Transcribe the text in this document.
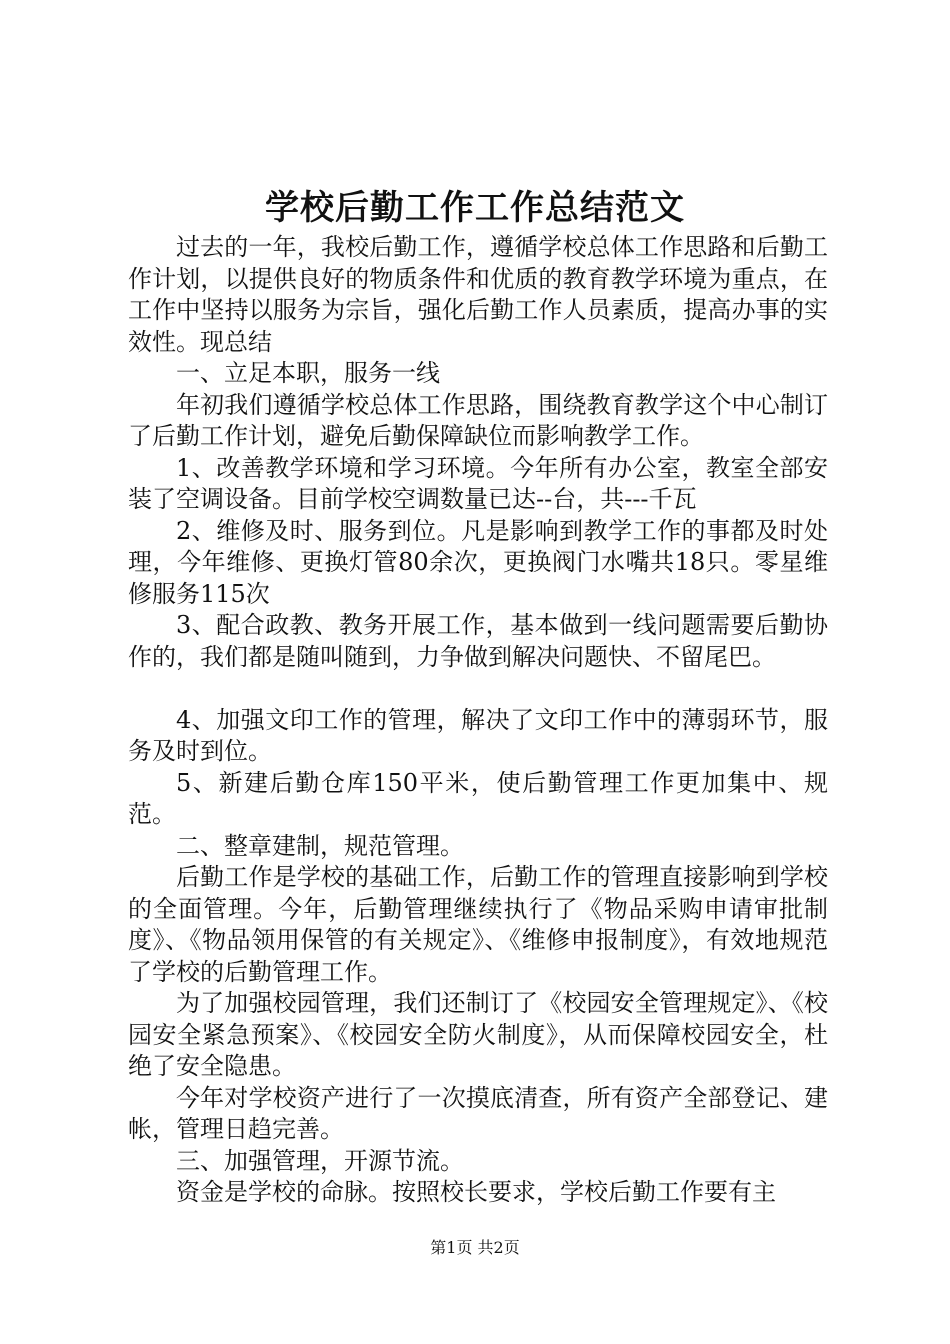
学校后勤工作工作总结范文

过去的一年，我校后勤工作，遵循学校总体工作思路和后勤工作计划，以提供良好的物质条件和优质的教育教学环境为重点，在工作中坚持以服务为宗旨，强化后勤工作人员素质，提高办事的实效性。现总结

一、立足本职，服务一线

年初我们遵循学校总体工作思路，围绕教育教学这个中心制订了后勤工作计划，避免后勤保障缺位而影响教学工作。

1、改善教学环境和学习环境。今年所有办公室，教室全部安装了空调设备。目前学校空调数量已达--台，共---千瓦

2、维修及时、服务到位。凡是影响到教学工作的事都及时处理，今年维修、更换灯管80余次，更换阀门水嘴共18只。零星维修服务115次

3、配合政教、教务开展工作，基本做到一线问题需要后勤协作的，我们都是随叫随到，力争做到解决问题快、不留尾巴。

4、加强文印工作的管理，解决了文印工作中的薄弱环节，服务及时到位。

5、新建后勤仓库150平米，使后勤管理工作更加集中、规范。

二、整章建制，规范管理。

后勤工作是学校的基础工作，后勤工作的管理直接影响到学校的全面管理。今年，后勤管理继续执行了《物品采购申请审批制度》、《物品领用保管的有关规定》、《维修申报制度》，有效地规范了学校的后勤管理工作。

为了加强校园管理，我们还制订了《校园安全管理规定》、《校园安全紧急预案》、《校园安全防火制度》，从而保障校园安全，杜绝了安全隐患。

今年对学校资产进行了一次摸底清查，所有资产全部登记、建帐，管理日趋完善。

三、加强管理，开源节流。

资金是学校的命脉。按照校长要求，学校后勤工作要有主

第1页 共2页
